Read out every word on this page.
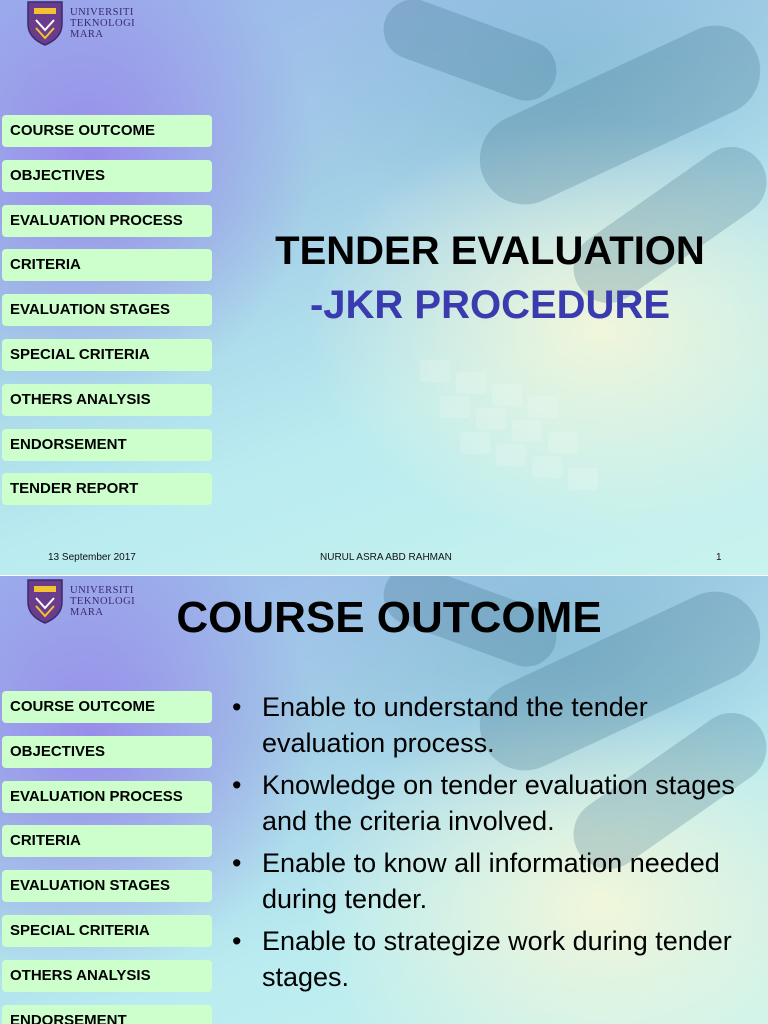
UNIVERSITI
TEKNOLOGI
MARA
COURSE OUTCOME
OBJECTIVES
EVALUATION PROCESS
CRITERIA
EVALUATION STAGES
SPECIAL CRITERIA
OTHERS ANALYSIS
ENDORSEMENT
TENDER REPORT
TENDER EVALUATION
-JKR PROCEDURE
13 September 2017	NURUL ASRA ABD RAHMAN	1
UNIVERSITI
TEKNOLOGI
MARA	COURSE OUTCOME
COURSE OUTCOME
OBJECTIVES
EVALUATION PROCESS
CRITERIA
EVALUATION STAGES
SPECIAL CRITERIA
OTHERS ANALYSIS
ENDORSEMENT
• Enable to understand the tender evaluation process.
• Knowledge on tender evaluation stages and the criteria involved.
• Enable to know all information needed during tender.
• Enable to strategize work during tender stages.
